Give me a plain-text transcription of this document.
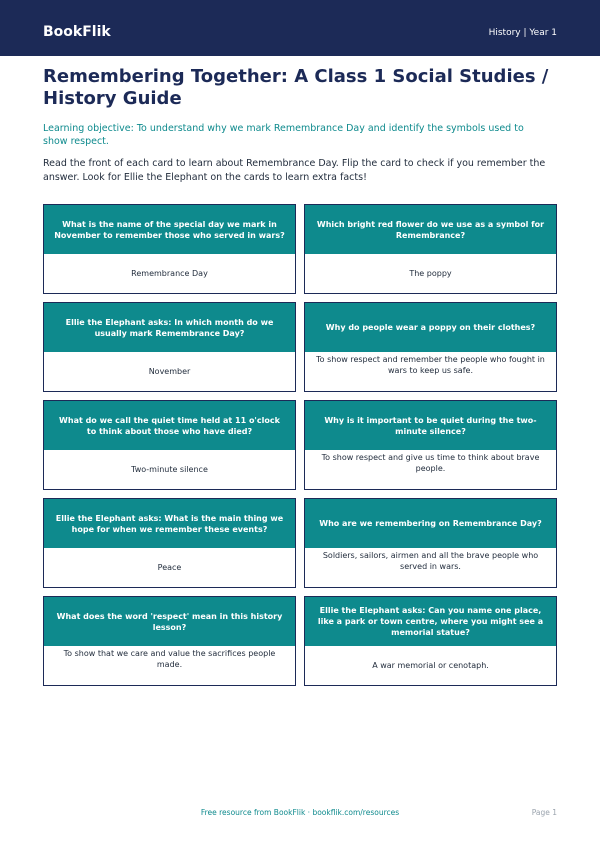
BookFlik	History | Year 1
Remembering Together: A Class 1 Social Studies / History Guide

Learning objective: To understand why we mark Remembrance Day and identify the symbols used to show respect.

Read the front of each card to learn about Remembrance Day. Flip the card to check if you remember the answer. Look for Ellie the Elephant on the cards to learn extra facts!

What is the name of the special day we mark in November to remember those who served in wars?
Remembrance Day
Which bright red flower do we use as a symbol for Remembrance?
The poppy
Ellie the Elephant asks: In which month do we usually mark Remembrance Day?
November
Why do people wear a poppy on their clothes?
To show respect and remember the people who fought in wars to keep us safe.
What do we call the quiet time held at 11 o'clock to think about those who have died?
Two-minute silence
Why is it important to be quiet during the two-minute silence?
To show respect and give us time to think about brave people.
Ellie the Elephant asks: What is the main thing we hope for when we remember these events?
Peace
Who are we remembering on Remembrance Day?
Soldiers, sailors, airmen and all the brave people who served in wars.
What does the word 'respect' mean in this history lesson?
To show that we care and value the sacrifices people made.
Ellie the Elephant asks: Can you name one place, like a park or town centre, where you might see a memorial statue?
A war memorial or cenotaph.
Free resource from BookFlik · bookflik.com/resources	Page 1
